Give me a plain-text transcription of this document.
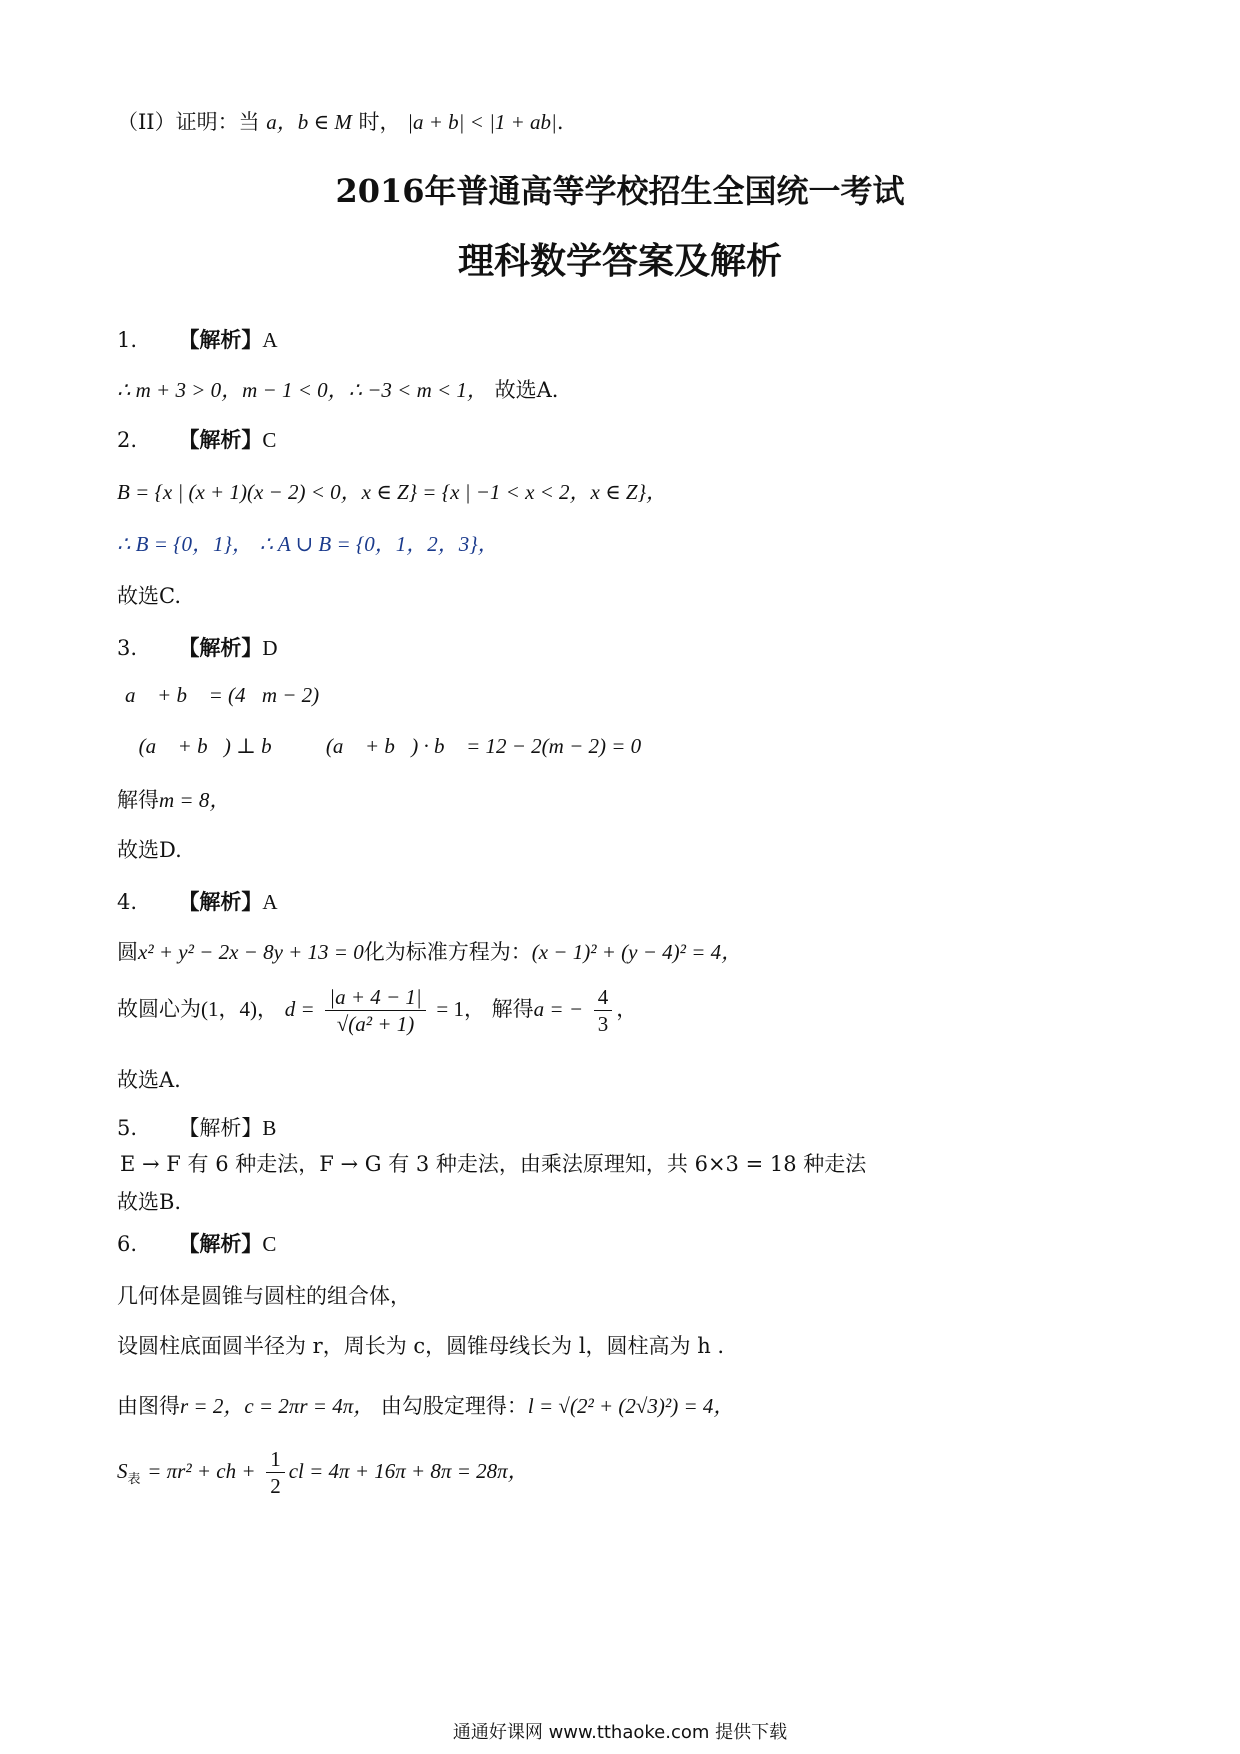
（II）证明：当 a，b ∈ M 时， |a + b| < |1 + ab|.
2016年普通高等学校招生全国统一考试
理科数学答案及解析
1. 【解析】A
∴ m + 3 > 0，m − 1 < 0，∴ −3 < m < 1， 故选A.
2. 【解析】C
B = {x | (x + 1)(x − 2) < 0，x ∈ Z} = {x | −1 < x < 2，x ∈ Z}，
∴ B = {0，1}， ∴ A ∪ B = {0，1，2，3}，
故选C.
3. 【解析】D
a⃗ + b⃗ = (4，m − 2)，
∵ (a⃗ + b⃗) ⊥ b⃗，∴ (a⃗ + b⃗) · b⃗ = 12 − 2(m − 2) = 0
解得m = 8，
故选D.
4. 【解析】A
圆x² + y² − 2x − 8y + 13 = 0化为标准方程为：(x − 1)² + (y − 4)² = 4，
故圆心为(1，4)， $d = \frac{|a + 4 - 1|}{\text{√(a² + 1)}} = 1$， 解得a = − $\frac{4}{3}$ ，
故选A.
5. 【解析】B
E → F 有 6 种走法，F → G 有 3 种走法，由乘法原理知，共 6×3 = 18 种走法
故选B.
6. 【解析】C
几何体是圆锥与圆柱的组合体，
设圆柱底面圆半径为 r，周长为 c，圆锥母线长为 l，圆柱高为 h .
由图得r = 2，c = 2πr = 4π， 由勾股定理得：l = √(2² + (2√3)²) = 4，
$S_表 = \pi r^2$ + ch + $\frac{1}{2}$ cl = 4π + 16π + 8π = 28π，
通通好课网 www.tthaoke.com 提供下载
